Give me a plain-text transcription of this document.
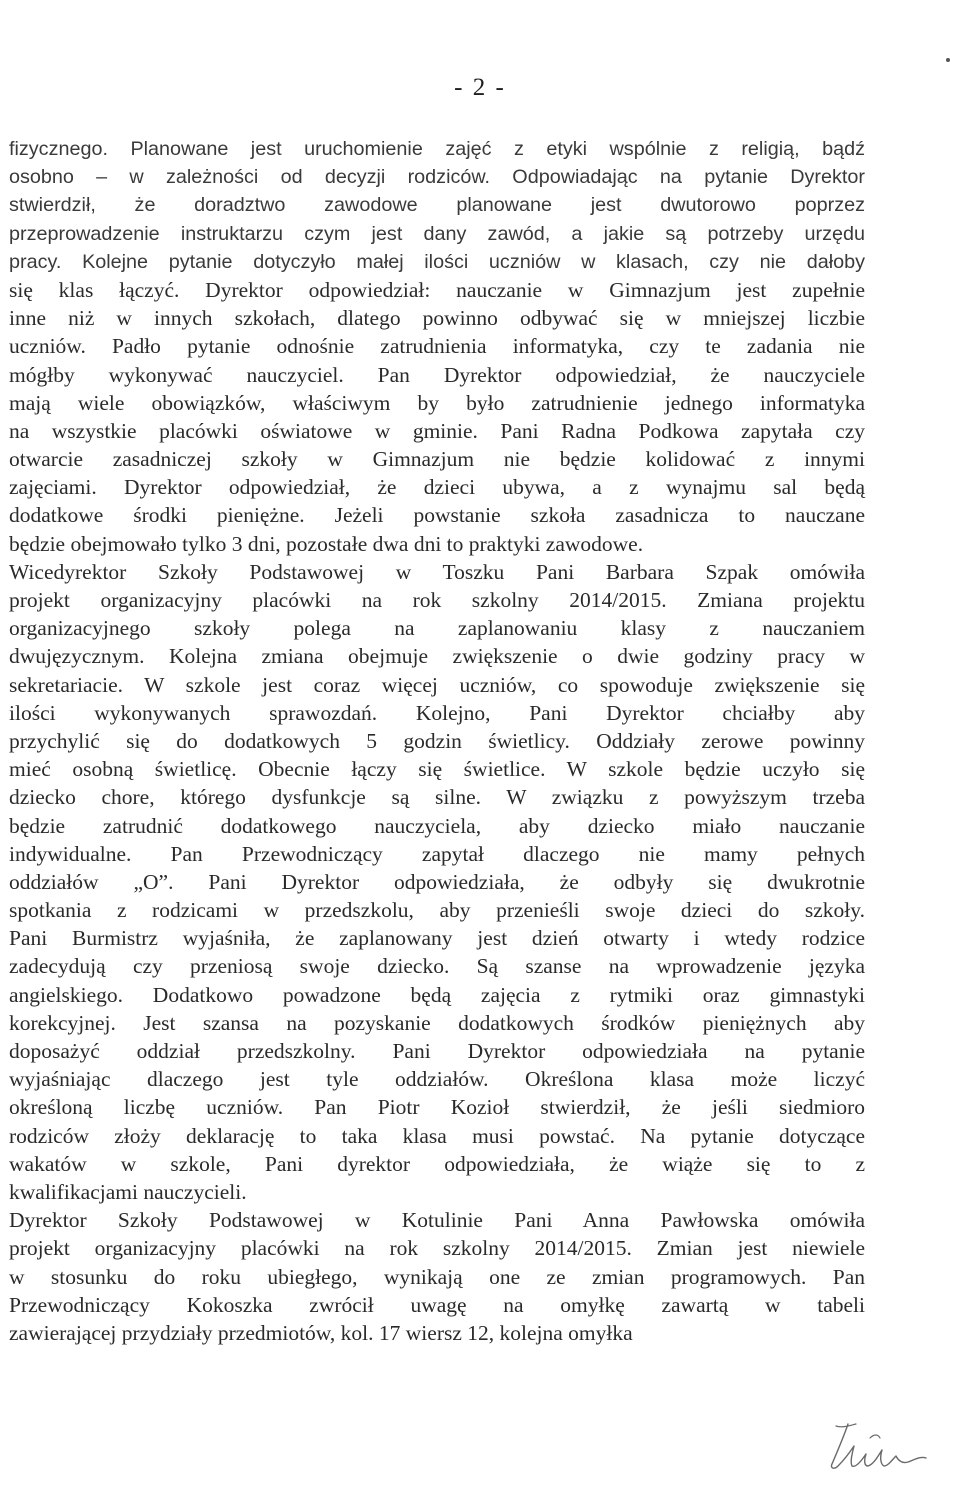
- 2 -
fizycznego. Planowane jest uruchomienie zajęć z etyki wspólnie z religią, bądź
osobno – w zależności od decyzji rodziców. Odpowiadając na pytanie Dyrektor
stwierdził, że doradztwo zawodowe planowane jest dwutorowo poprzez
przeprowadzenie instruktarzu czym jest dany zawód, a jakie są potrzeby urzędu
pracy. Kolejne pytanie dotyczyło małej ilości uczniów w klasach, czy nie dałoby
się klas łączyć. Dyrektor odpowiedział: nauczanie w Gimnazjum jest zupełnie
inne niż w innych szkołach, dlatego powinno odbywać się w mniejszej liczbie
uczniów. Padło pytanie odnośnie zatrudnienia informatyka, czy te zadania nie
mógłby wykonywać nauczyciel. Pan Dyrektor odpowiedział, że nauczyciele
mają wiele obowiązków, właściwym by było zatrudnienie jednego informatyka
na wszystkie placówki oświatowe w gminie. Pani Radna Podkowa zapytała czy
otwarcie zasadniczej szkoły w Gimnazjum nie będzie kolidować z innymi
zajęciami. Dyrektor odpowiedział, że dzieci ubywa, a z wynajmu sal będą
dodatkowe środki pieniężne. Jeżeli powstanie szkoła zasadnicza to nauczane
będzie obejmowało tylko 3 dni, pozostałe dwa dni to praktyki zawodowe.
Wicedyrektor Szkoły Podstawowej w Toszku Pani Barbara Szpak omówiła
projekt organizacyjny placówki na rok szkolny 2014/2015. Zmiana projektu
organizacyjnego szkoły polega na zaplanowaniu klasy z nauczaniem
dwujęzycznym. Kolejna zmiana obejmuje zwiększenie o dwie godziny pracy w
sekretariacie. W szkole jest coraz więcej uczniów, co spowoduje zwiększenie się
ilości wykonywanych sprawozdań. Kolejno, Pani Dyrektor chciałby aby
przychylić się do dodatkowych 5 godzin świetlicy. Oddziały zerowe powinny
mieć osobną świetlicę. Obecnie łączy się świetlice. W szkole będzie uczyło się
dziecko chore, którego dysfunkcje są silne. W związku z powyższym trzeba
będzie zatrudnić dodatkowego nauczyciela, aby dziecko miało nauczanie
indywidualne. Pan Przewodniczący zapytał dlaczego nie mamy pełnych
oddziałów „O”. Pani Dyrektor odpowiedziała, że odbyły się dwukrotnie
spotkania z rodzicami w przedszkolu, aby przenieśli swoje dzieci do szkoły.
Pani Burmistrz wyjaśniła, że zaplanowany jest dzień otwarty i wtedy rodzice
zadecydują czy przeniosą swoje dziecko. Są szanse na wprowadzenie języka
angielskiego. Dodatkowo powadzone będą zajęcia z rytmiki oraz gimnastyki
korekcyjnej. Jest szansa na pozyskanie dodatkowych środków pieniężnych aby
doposażyć oddział przedszkolny. Pani Dyrektor odpowiedziała na pytanie
wyjaśniając dlaczego jest tyle oddziałów. Określona klasa może liczyć
określoną liczbę uczniów. Pan Piotr Kozioł stwierdził, że jeśli siedmioro
rodziców złoży deklarację to taka klasa musi powstać. Na pytanie dotyczące
wakatów w szkole, Pani dyrektor odpowiedziała, że wiąże się to z
kwalifikacjami nauczycieli.
Dyrektor Szkoły Podstawowej w Kotulinie Pani Anna Pawłowska omówiła
projekt organizacyjny placówki na rok szkolny 2014/2015. Zmian jest niewiele
w stosunku do roku ubiegłego, wynikają one ze zmian programowych. Pan
Przewodniczący Kokoszka zwrócił uwagę na omyłkę zawartą w tabeli
zawierającej przydziały przedmiotów, kol. 17 wiersz 12, kolejna omyłka
